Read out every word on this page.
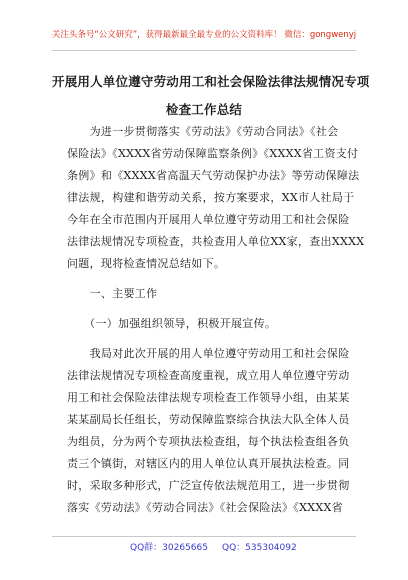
关注头条号“公文研究”，获得最新最全最专业的公文资料库！ 微信：gongwenyj
开展用人单位遵守劳动用工和社会保险法律法规情况专项
检查工作总结
　　为进一步贯彻落实《劳动法》《劳动合同法》《社会
保险法》《XXXX省劳动保障监察条例》《XXXX省工资支付
条例》和《XXXX省高温天气劳动保护办法》等劳动保障法
律法规，构建和谐劳动关系，按方案要求，XX市人社局于
今年在全市范围内开展用人单位遵守劳动用工和社会保险
法律法规情况专项检查，共检查用人单位XX家，查出XXXX
问题，现将检查情况总结如下。
　　一、主要工作
　　（一）加强组织领导，积极开展宣传。
　　我局对此次开展的用人单位遵守劳动用工和社会保险
法律法规情况专项检查高度重视，成立用人单位遵守劳动
用工和社会保险法律法规专项检查工作领导小组，由某某
某某副局长任组长，劳动保障监察综合执法大队全体人员
为组员，分为两个专项执法检查组，每个执法检查组各负
责三个镇街，对辖区内的用人单位认真开展执法检查。同
时，采取多种形式，广泛宣传依法规范用工，进一步贯彻
落实《劳动法》《劳动合同法》《社会保险法》《XXXX省
QQ群：30265665 QQ：535304092
